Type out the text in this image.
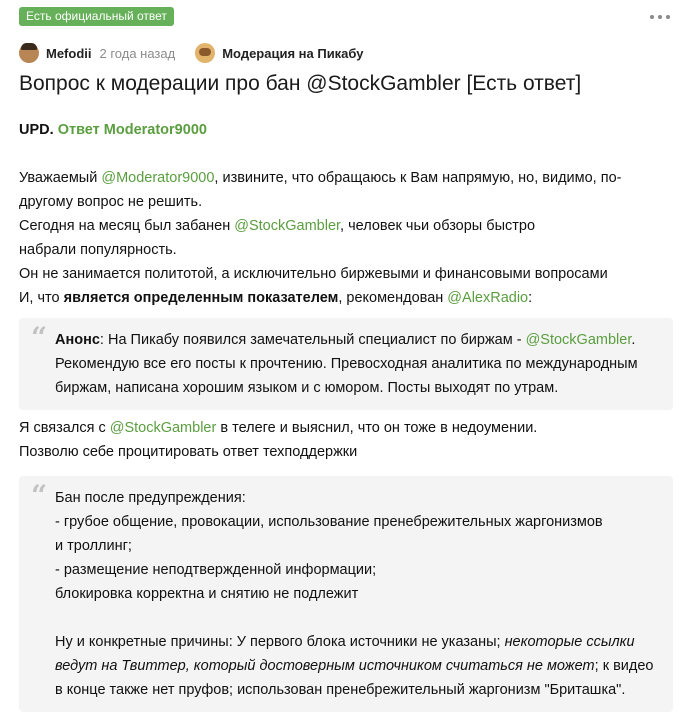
Есть официальный ответ
Mefodii 2 года назад	Модерация на Пикабу
Вопрос к модерации про бан @StockGambler [Есть ответ]

UPD. Ответ Moderator9000

Уважаемый @Moderator9000, извините, что обращаюсь к Вам напрямую, но, видимо, по-другому вопрос не решить.
Сегодня на месяц был забанен @StockGambler, человек чьи обзоры быстро
набрали популярность.
Он не занимается политотой, а исключительно биржевыми и финансовыми вопросами
И, что является определенным показателем, рекомендован @AlexRadio:

“ Анонс: На Пикабу появился замечательный специалист по биржам - @StockGambler. Рекомендую все его посты к прочтению. Превосходная аналитика по международным биржам, написана хорошим языком и с юмором. Посты выходят по утрам.

Я связался с @StockGambler в телеге и выяснил, что он тоже в недоумении.
Позволю себе процитировать ответ техподдержки

“ Бан после предупреждения:
- грубое общение, провокации, использование пренебрежительных жаргонизмов
и троллинг;
- размещение неподтвержденной информации;
блокировка корректна и снятию не подлежит

Ну и конкретные причины: У первого блока источники не указаны; некоторые ссылки ведут на Твиттер, который достоверным источником считаться не может; к видео в конце также нет пруфов; использован пренебрежительный жаргонизм "Бриташка".
